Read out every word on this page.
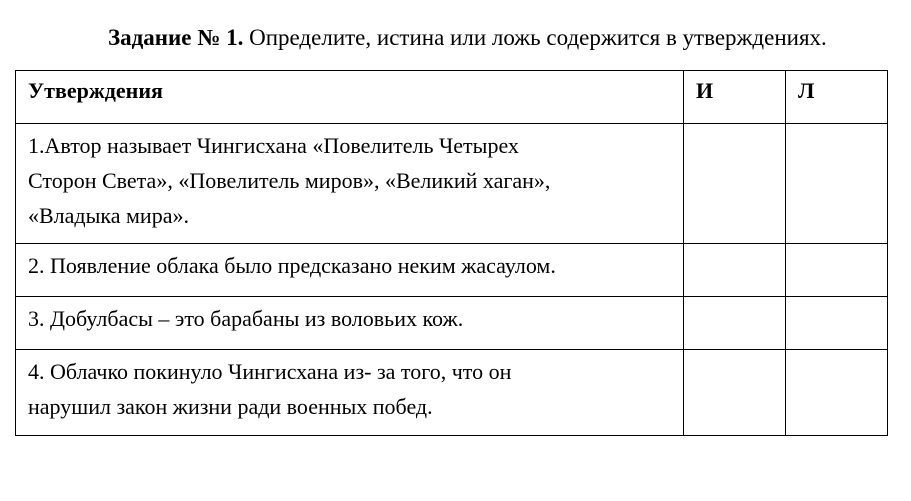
Задание № 1. Определите, истина или ложь содержится в утверждениях.
Утверждения	И	Л

1.Автор называет Чингисхана «Повелитель Четырех
Сторон Света», «Повелитель миров», «Великий хаган»,
«Владыка мира».		

2. Появление облака было предсказано неким жасаулом.		

3. Добулбасы – это барабаны из воловьих кож.		

4. Облачко покинуло Чингисхана из- за того, что он
нарушил закон жизни ради военных побед.		
